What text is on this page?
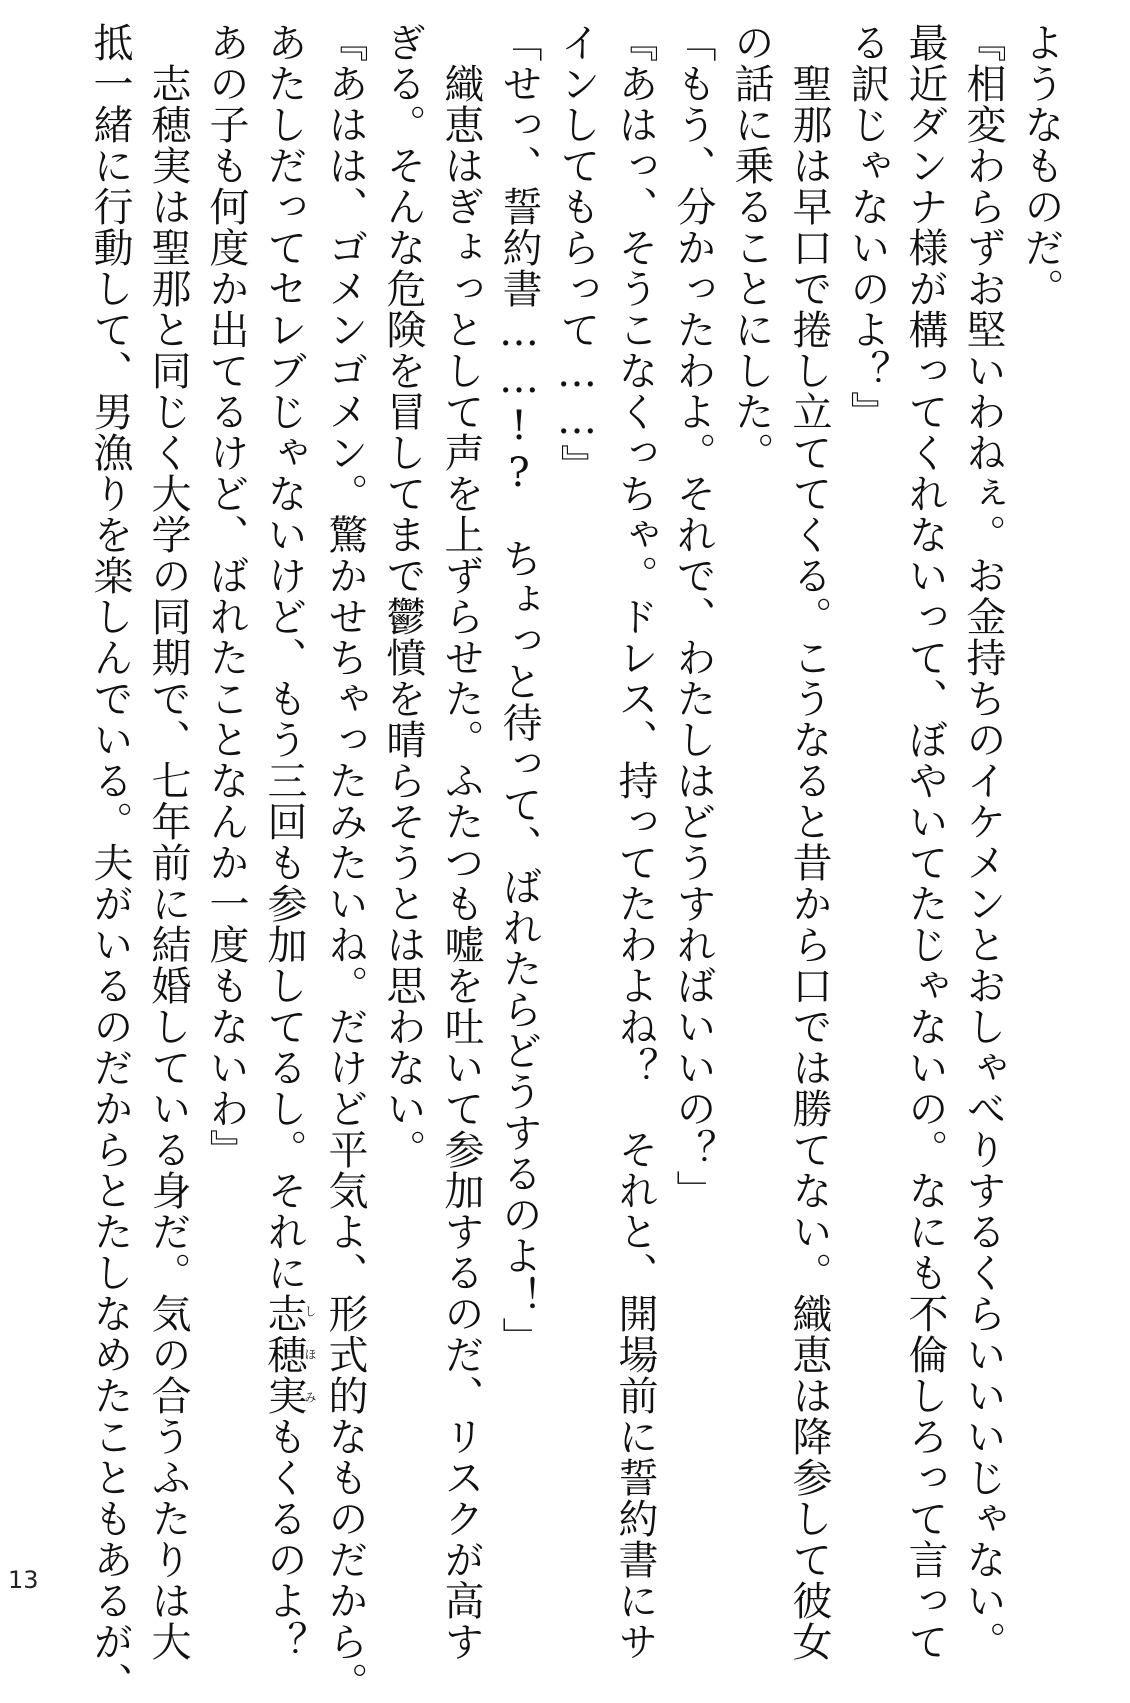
ようなものだ。
『相変わらずお堅いわねぇ。お金持ちのイケメンとおしゃべりするくらいいいじゃない。
最近ダンナ様が構ってくれないって、ぼやいてたじゃないの。なにも不倫しろって言って
る訳じゃないのよ？』
　聖那は早口で捲し立ててくる。こうなると昔から口では勝てない。織恵は降参して彼女
の話に乗ることにした。
「もう、分かったわよ。それで、わたしはどうすればいいの？」
『あはっ、そうこなくっちゃ。ドレス、持ってたわよね？　それと、開場前に誓約書にサ
インしてもらって……』
「せっ、誓約書……!?　ちょっと待って、ばれたらどうするのよ！」
　織恵はぎょっとして声を上ずらせた。ふたつも嘘を吐いて参加するのだ、リスクが高す
ぎる。そんな危険を冒してまで鬱憤を晴らそうとは思わない。
『あはは、ゴメンゴメン。驚かせちゃったみたいね。だけど平気よ、形式的なものだから。
あたしだってセレブじゃないけど、もう三回も参加してるし。それに志穂実しほみもくるのよ？
あの子も何度か出てるけど、ばれたことなんか一度もないわ』
　志穂実は聖那と同じく大学の同期で、七年前に結婚している身だ。気の合うふたりは大
抵一緒に行動して、男漁りを楽しんでいる。夫がいるのだからとたしなめたこともあるが、
13
